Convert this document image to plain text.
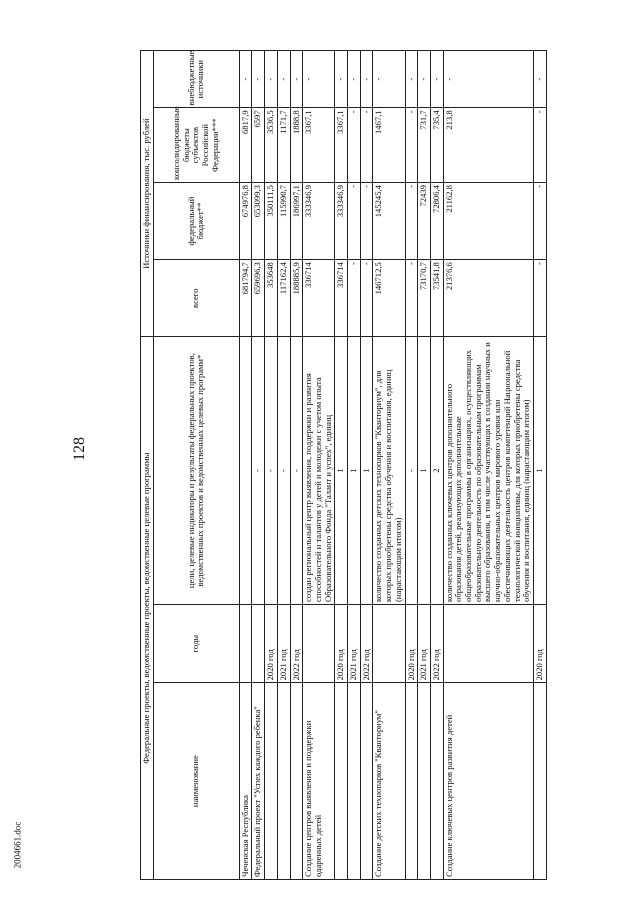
128
2004661.doc
Федеральные проекты, ведомственные проекты, ведомственные целевые программы			Источники финансирования, тыс. рублей			
наименование	годы	цели, целевые индикаторы и результаты федеральных проектов, ведомственных проектов и ведомственных целевых программ*	всего	федеральный бюджет**	консолидированные бюджеты субъектов Российской Федерации***	внебюджетные источники
Чеченская Республика			681794,7	674976,8	6817,9	-
Федеральный проект "Успех каждого ребенка"		-	659696,3	653099,3	6597	-
	2020 год	-	353648	350111,5	3536,5	-
	2021 год	-	117162,4	115990,7	1171,7	-
	2022 год	-	188885,9	186997,1	1888,8	-
Создание центров выявления и поддержки одаренных детей		создан региональный центр выявления, поддержки и развития способностей и талантов у детей и молодежи с учетом опыта Образовательного Фонда "Талант и успех", единиц	336714	333346,9	3367,1	-
	2020 год	1	336714	333346,9	3367,1	-
	2021 год	1	-	-	-	-
	2022 год	1	-	-	-	-
Создание детских технопарков "Кванториум"		количество созданных детских технопарков "Кванториум", для которых приобретены средства обучения и воспитания, единиц (нарастающим итогом)	146712,5	145245,4	1467,1	-
	2020 год	-	-	-	-	-
	2021 год	1	73170,7	72439	731,7	-
	2022 год	2	73541,8	72806,4	735,4	-
Создание ключевых центров развития детей		количество созданных ключевых центров дополнительного образования детей, реализующих дополнительные общеобразовательные программы в организациях, осуществляющих образовательную деятельность по образовательным программам высшего образования, в том числе участвующих в создании научных и научно-образовательных центров мирового уровня или обеспечивающих деятельность центров компетенций Национальной технологической инициативы, для которых приобретены средства обучения и воспитания, единиц (нарастающим итогом)	21376,6	21162,8	213,8	-
	2020 год	1	-	-	-	-
